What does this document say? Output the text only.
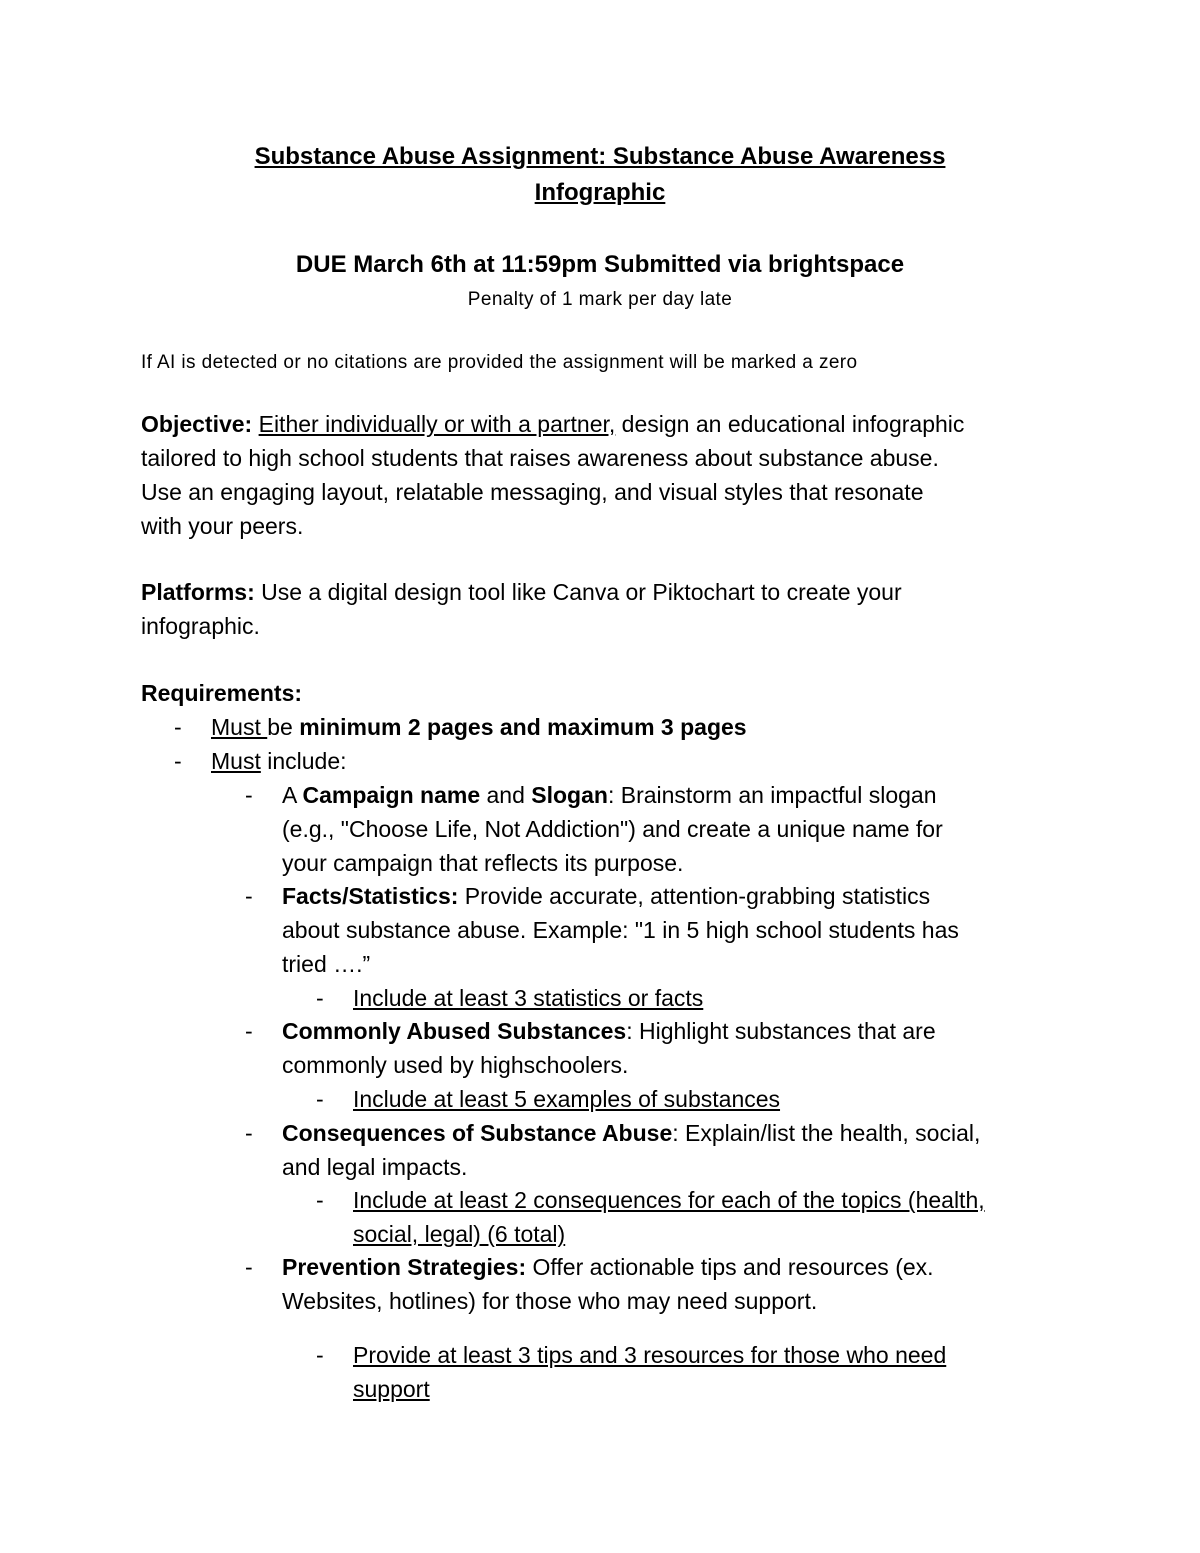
Substance Abuse Assignment: Substance Abuse Awareness
Infographic
DUE March 6th at 11:59pm Submitted via brightspace
Penalty of 1 mark per day late
If AI is detected or no citations are provided the assignment will be marked a zero
Objective: Either individually or with a partner, design an educational infographic
tailored to high school students that raises awareness about substance abuse.
Use an engaging layout, relatable messaging, and visual styles that resonate
with your peers.
Platforms: Use a digital design tool like Canva or Piktochart to create your
infographic.
Requirements:
- Must be minimum 2 pages and maximum 3 pages
- Must include:
- A Campaign name and Slogan: Brainstorm an impactful slogan
(e.g., "Choose Life, Not Addiction") and create a unique name for
your campaign that reflects its purpose.
- Facts/Statistics: Provide accurate, attention-grabbing statistics
about substance abuse. Example: "1 in 5 high school students has
tried ….”
- Include at least 3 statistics or facts
- Commonly Abused Substances: Highlight substances that are
commonly used by highschoolers.
- Include at least 5 examples of substances
- Consequences of Substance Abuse: Explain/list the health, social,
and legal impacts.
- Include at least 2 consequences for each of the topics (health,
social, legal) (6 total)
- Prevention Strategies: Offer actionable tips and resources (ex.
Websites, hotlines) for those who may need support.
- Provide at least 3 tips and 3 resources for those who need
support
